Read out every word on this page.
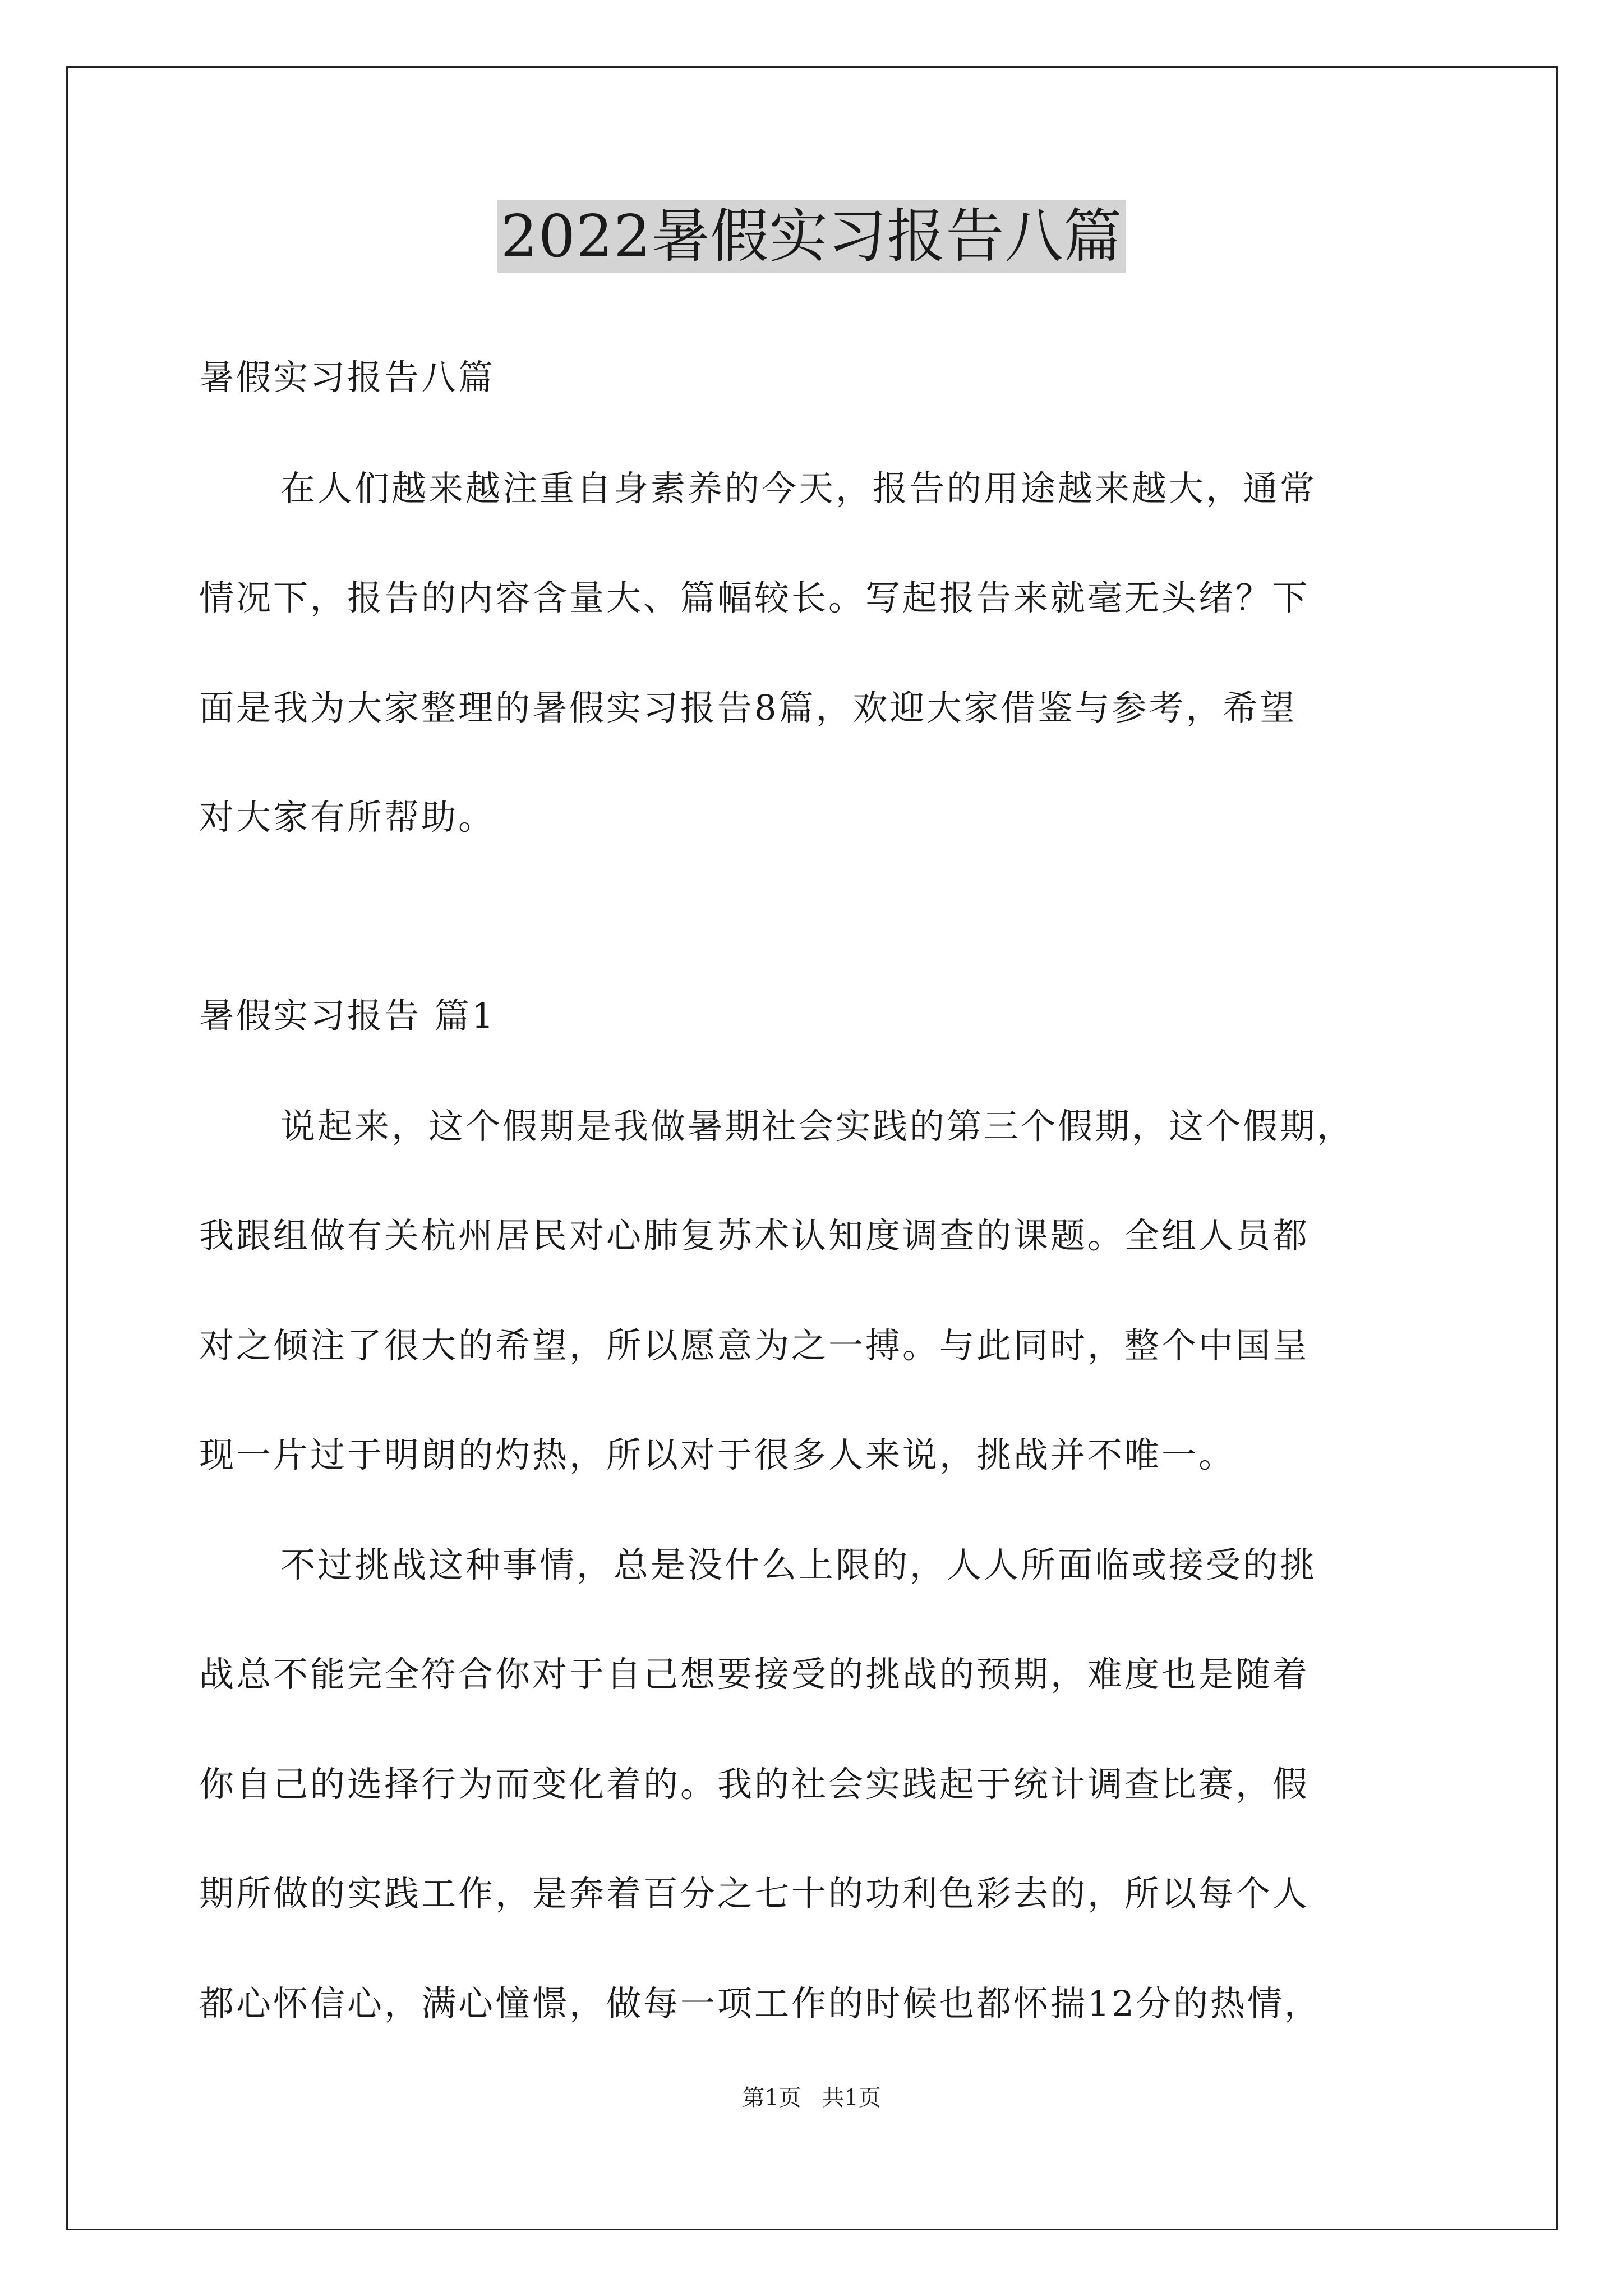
2022暑假实习报告八篇
暑假实习报告八篇
在人们越来越注重自身素养的今天，报告的用途越来越大，通常
情况下，报告的内容含量大、篇幅较长。写起报告来就毫无头绪？下
面是我为大家整理的暑假实习报告8篇，欢迎大家借鉴与参考，希望
对大家有所帮助。
暑假实习报告 篇1
说起来，这个假期是我做暑期社会实践的第三个假期，这个假期，
我跟组做有关杭州居民对心肺复苏术认知度调查的课题。全组人员都
对之倾注了很大的希望，所以愿意为之一搏。与此同时，整个中国呈
现一片过于明朗的灼热，所以对于很多人来说，挑战并不唯一。
不过挑战这种事情，总是没什么上限的，人人所面临或接受的挑
战总不能完全符合你对于自己想要接受的挑战的预期，难度也是随着
你自己的选择行为而变化着的。我的社会实践起于统计调查比赛，假
期所做的实践工作，是奔着百分之七十的功利色彩去的，所以每个人
都心怀信心，满心憧憬，做每一项工作的时候也都怀揣12分的热情，
第1页 共1页
